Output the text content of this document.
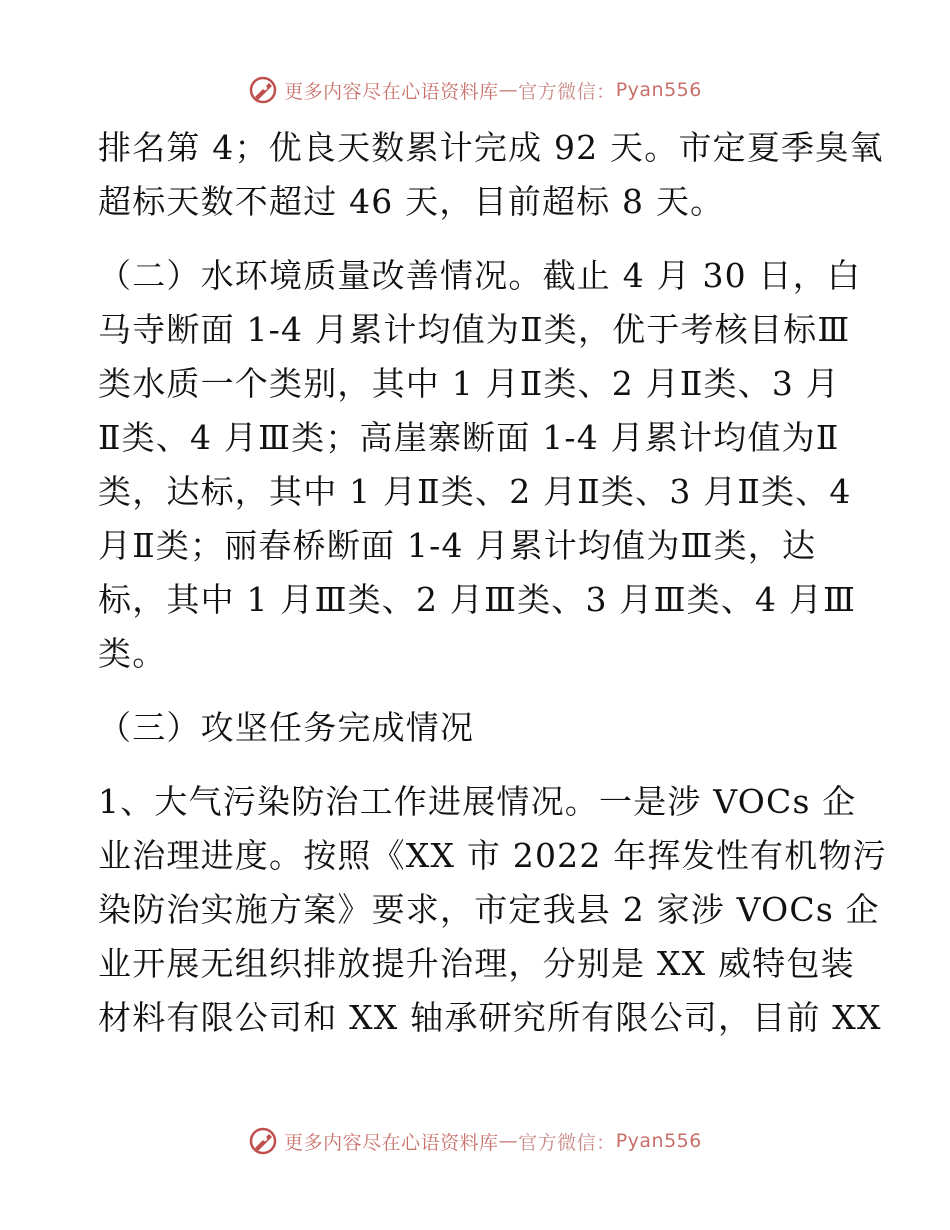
更多内容尽在心语资料库 — 官方微信： Pyan556
排名第 4；优良天数累计完成 92 天。市定夏季臭氧
超标天数不超过 46 天，目前超标 8 天。
（二）水环境质量改善情况。截止 4 月 30 日，白
马寺断面 1-4 月累计均值为Ⅱ类，优于考核目标Ⅲ
类水质一个类别，其中 1 月Ⅱ类、2 月Ⅱ类、3 月
Ⅱ类、4 月Ⅲ类；高崖寨断面 1-4 月累计均值为Ⅱ
类，达标，其中 1 月Ⅱ类、2 月Ⅱ类、3 月Ⅱ类、4
月Ⅱ类；丽春桥断面 1-4 月累计均值为Ⅲ类，达
标，其中 1 月Ⅲ类、2 月Ⅲ类、3 月Ⅲ类、4 月Ⅲ
类。
（三）攻坚任务完成情况
1、大气污染防治工作进展情况。一是涉 VOCs 企
业治理进度。按照《XX 市 2022 年挥发性有机物污
染防治实施方案》要求，市定我县 2 家涉 VOCs 企
业开展无组织排放提升治理，分别是 XX 威特包装
材料有限公司和 XX 轴承研究所有限公司，目前 XX
更多内容尽在心语资料库 — 官方微信： Pyan556
